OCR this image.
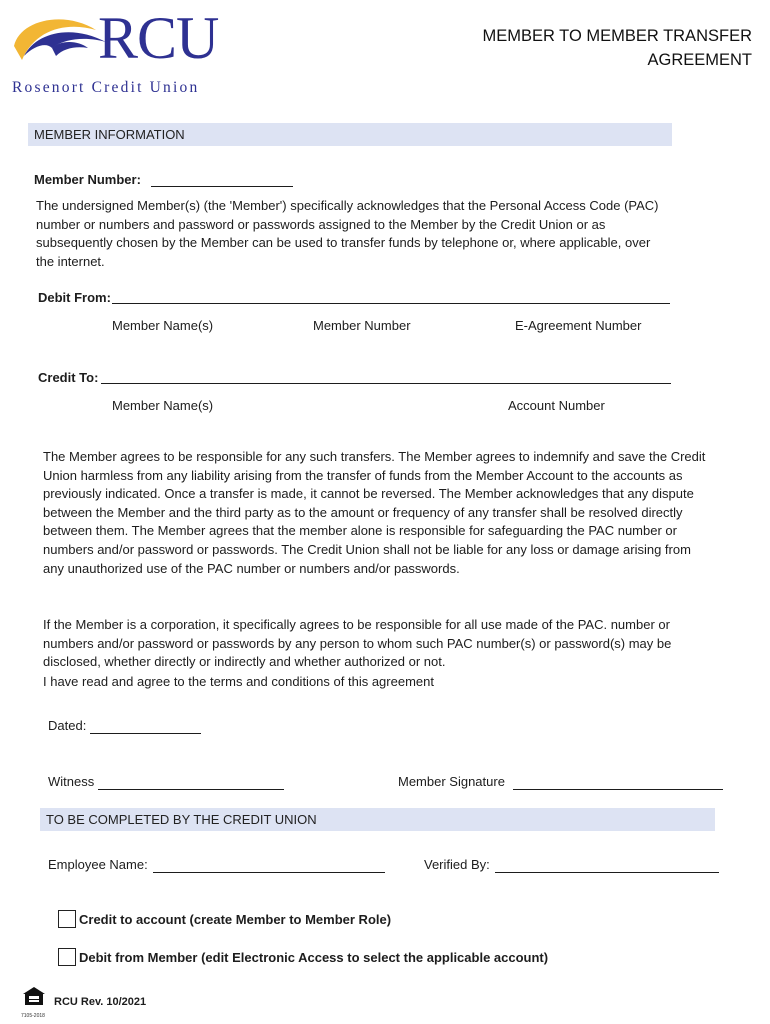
RCU
Rosenort Credit Union
MEMBER TO MEMBER TRANSFER
AGREEMENT
MEMBER INFORMATION
Member Number:
The undersigned Member(s) (the 'Member') specifically acknowledges that the Personal Access Code (PAC) number or numbers and password or passwords assigned to the Member by the Credit Union or as subsequently chosen by the Member can be used to transfer funds by telephone or, where applicable, over the internet.
Debit From:
Member Name(s)	Member Number	E-Agreement Number
Credit To:
Member Name(s)	Account Number
The Member agrees to be responsible for any such transfers. The Member agrees to indemnify and save the Credit Union harmless from any liability arising from the transfer of funds from the Member Account to the accounts as previously indicated. Once a transfer is made, it cannot be reversed. The Member acknowledges that any dispute between the Member and the third party as to the amount or frequency of any transfer shall be resolved directly between them. The Member agrees that the member alone is responsible for safeguarding the PAC number or numbers and/or password or passwords. The Credit Union shall not be liable for any loss or damage arising from any unauthorized use of the PAC number or numbers and/or passwords.
If the Member is a corporation, it specifically agrees to be responsible for all use made of the PAC. number or numbers and/or password or passwords by any person to whom such PAC number(s) or password(s) may be disclosed, whether directly or indirectly and whether authorized or not.
I have read and agree to the terms and conditions of this agreement
Dated:
Witness	Member Signature
TO BE COMPLETED BY THE CREDIT UNION
Employee Name:	Verified By:
Credit to account (create Member to Member Role)
Debit from Member (edit Electronic Access to select the applicable account)
7105-2018
RCU Rev. 10/2021
